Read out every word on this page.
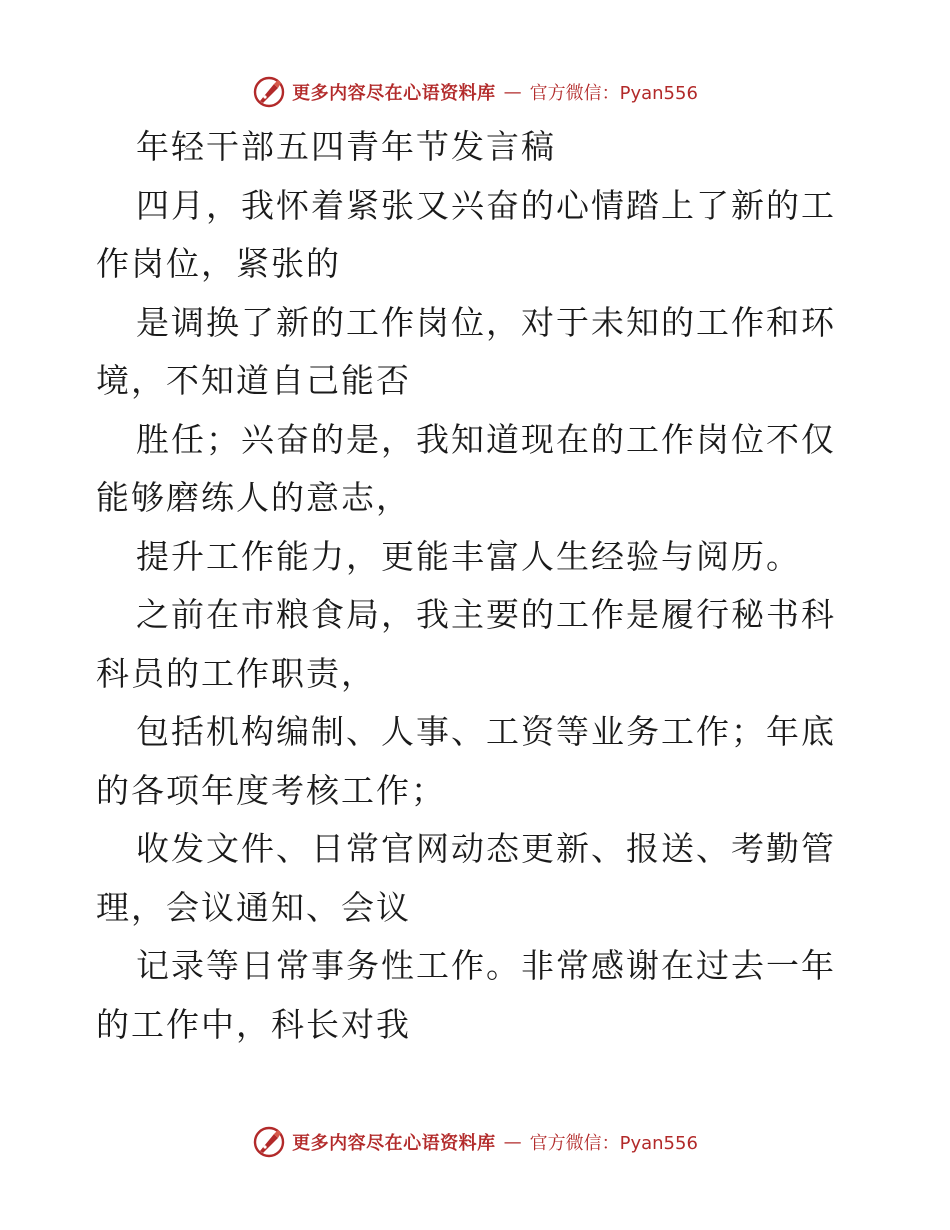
更多内容尽在心语资料库 — 官方微信：Pyan556

年轻干部五四青年节发言稿

四月，我怀着紧张又兴奋的心情踏上了新的工作岗位，紧张的

是调换了新的工作岗位，对于未知的工作和环境，不知道自己能否

胜任；兴奋的是，我知道现在的工作岗位不仅能够磨练人的意志，

提升工作能力，更能丰富人生经验与阅历。

之前在市粮食局，我主要的工作是履行秘书科科员的工作职责，

包括机构编制、人事、工资等业务工作；年底的各项年度考核工作；

收发文件、日常官网动态更新、报送、考勤管理，会议通知、会议

记录等日常事务性工作。非常感谢在过去一年的工作中，科长对我

更多内容尽在心语资料库 — 官方微信：Pyan556
